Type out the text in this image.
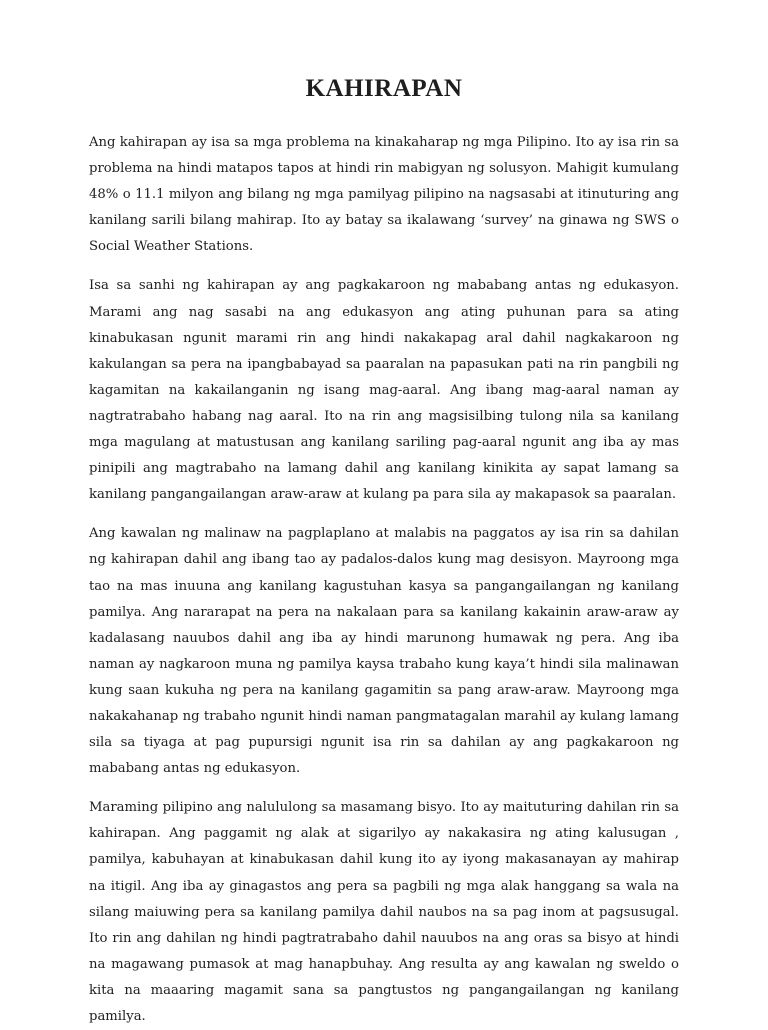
KAHIRAPAN

Ang kahirapan ay isa sa mga problema na kinakaharap ng mga Pilipino. Ito ay isa rin sa problema na hindi matapos tapos at hindi rin mabigyan ng solusyon. Mahigit kumulang 48% o 11.1 milyon ang bilang ng mga pamilyag pilipino na nagsasabi at itinuturing ang kanilang sarili bilang mahirap. Ito ay batay sa ikalawang ‘survey’ na ginawa ng SWS o Social Weather Stations.

Isa sa sanhi ng kahirapan ay ang pagkakaroon ng mababang antas ng edukasyon. Marami ang nag sasabi na ang edukasyon ang ating puhunan para sa ating kinabukasan ngunit marami rin ang hindi nakakapag aral dahil nagkakaroon ng kakulangan sa pera na ipangbabayad sa paaralan na papasukan pati na rin pangbili ng kagamitan na kakailanganin ng isang mag-aaral. Ang ibang mag-aaral naman ay nagtratrabaho habang nag aaral. Ito na rin ang magsisilbing tulong nila sa kanilang mga magulang at matustusan ang kanilang sariling pag-aaral ngunit ang iba ay mas pinipili ang magtrabaho na lamang dahil ang kanilang kinikita ay sapat lamang sa kanilang pangangailangan araw-araw at kulang pa para sila ay makapasok sa paaralan.

Ang kawalan ng malinaw na pagplaplano at malabis na paggatos ay isa rin sa dahilan ng kahirapan dahil ang ibang tao ay padalos-dalos kung mag desisyon. Mayroong mga tao na mas inuuna ang kanilang kagustuhan kasya sa pangangailangan ng kanilang pamilya. Ang nararapat na pera na nakalaan para sa kanilang kakainin araw-araw ay kadalasang nauubos dahil ang iba ay hindi marunong humawak ng pera. Ang iba naman ay nagkaroon muna ng pamilya kaysa trabaho kung kaya’t hindi sila malinawan kung saan kukuha ng pera na kanilang gagamitin sa pang araw-araw. Mayroong mga nakakahanap ng trabaho ngunit hindi naman pangmatagalan marahil ay kulang lamang sila sa tiyaga at pag pupursigi ngunit isa rin sa dahilan ay ang pagkakaroon ng mababang antas ng edukasyon.

Maraming pilipino ang nalululong sa masamang bisyo. Ito ay maituturing dahilan rin sa kahirapan. Ang paggamit ng alak at sigarilyo ay nakakasira ng ating kalusugan , pamilya, kabuhayan at kinabukasan dahil kung ito ay iyong makasanayan ay mahirap na itigil. Ang iba ay ginagastos ang pera sa pagbili ng mga alak hanggang sa wala na silang maiuwing pera sa kanilang pamilya dahil naubos na sa pag inom at pagsusugal. Ito rin ang dahilan ng hindi pagtratrabaho dahil nauubos na ang oras sa bisyo at hindi na magawang pumasok at mag hanapbuhay. Ang resulta ay ang kawalan ng sweldo o kita na maaaring magamit sana sa pangtustos ng pangangailangan ng kanilang pamilya.
